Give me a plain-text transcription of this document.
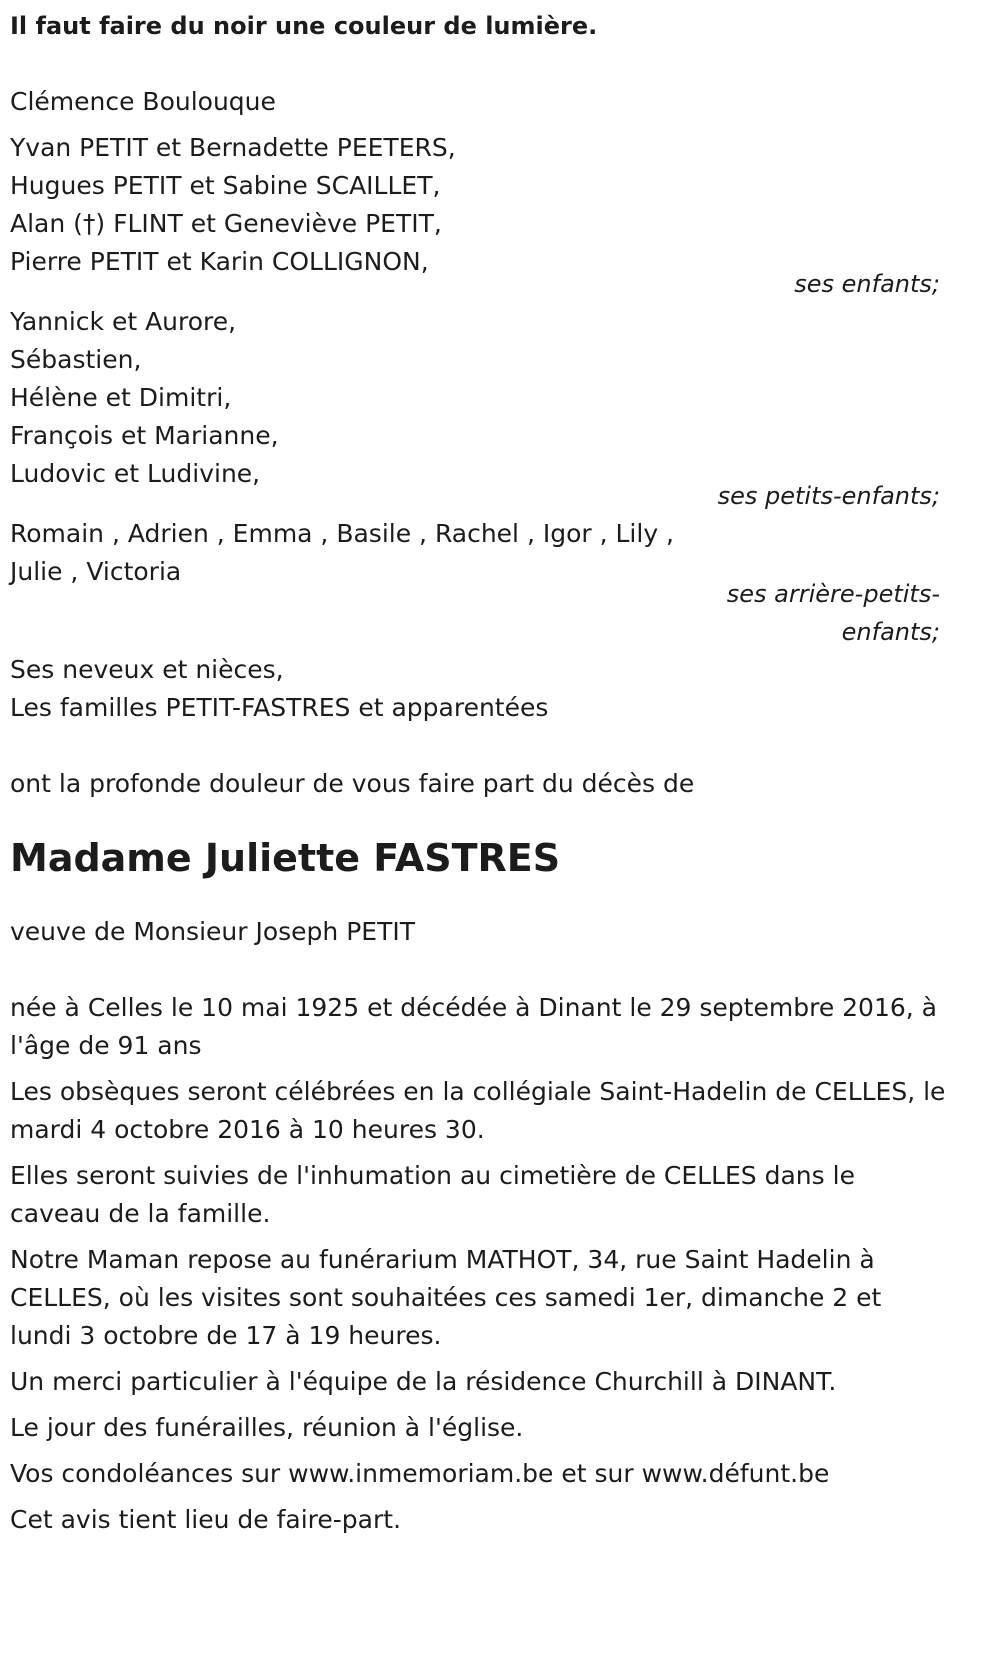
Il faut faire du noir une couleur de lumière.

Clémence Boulouque

Yvan PETIT et Bernadette PEETERS,

Hugues PETIT et Sabine SCAILLET,

Alan (†) FLINT et Geneviève PETIT,

Pierre PETIT et Karin COLLIGNON,

ses enfants;

Yannick et Aurore,

Sébastien,

Hélène et Dimitri,

François et Marianne,

Ludovic et Ludivine,

ses petits-enfants;

Romain , Adrien , Emma , Basile , Rachel , Igor , Lily ,

Julie , Victoria

ses arrière-petits-

enfants;

Ses neveux et nièces,

Les familles PETIT-FASTRES et apparentées

ont la profonde douleur de vous faire part du décès de

Madame Juliette FASTRES

veuve de Monsieur Joseph PETIT

née à Celles le 10 mai 1925 et décédée à Dinant le 29 septembre 2016, à l'âge de 91 ans

Les obsèques seront célébrées en la collégiale Saint-Hadelin de CELLES, le mardi 4 octobre 2016 à 10 heures 30.

Elles seront suivies de l'inhumation au cimetière de CELLES dans le caveau de la famille.

Notre Maman repose au funérarium MATHOT, 34, rue Saint Hadelin à CELLES, où les visites sont souhaitées ces samedi 1er, dimanche 2 et lundi 3 octobre de 17 à 19 heures.

Un merci particulier à l'équipe de la résidence Churchill à DINANT.

Le jour des funérailles, réunion à l'église.

Vos condoléances sur www.inmemoriam.be et sur www.défunt.be

Cet avis tient lieu de faire-part.
